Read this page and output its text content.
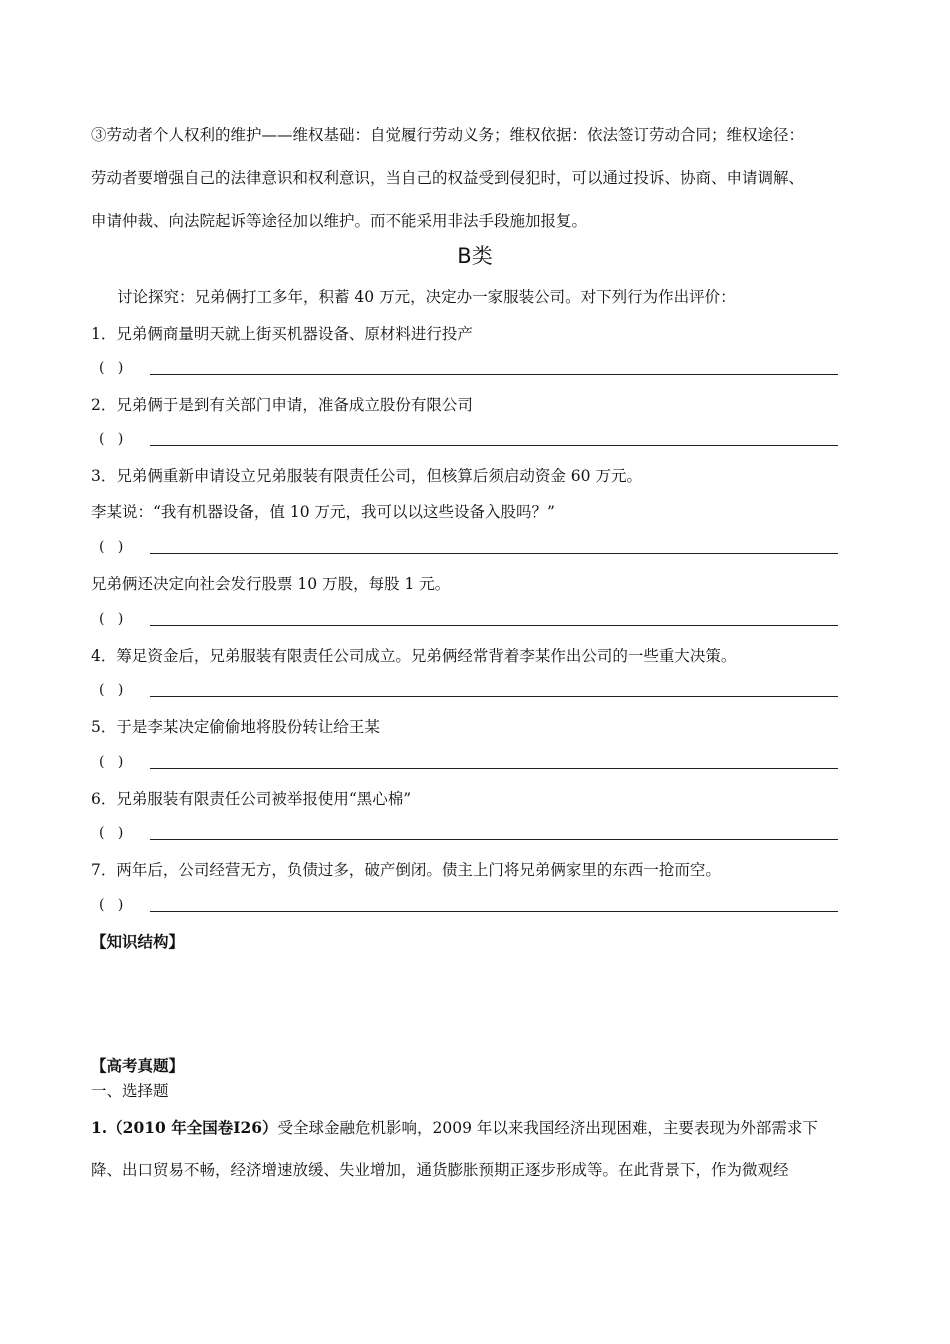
③劳动者个人权利的维护——维权基础：自觉履行劳动义务；维权依据：依法签订劳动合同；维权途径：
劳动者要增强自己的法律意识和权利意识，当自己的权益受到侵犯时，可以通过投诉、协商、申请调解、
申请仲裁、向法院起诉等途径加以维护。而不能采用非法手段施加报复。
B类
讨论探究：兄弟俩打工多年，积蓄 40 万元，决定办一家服装公司。对下列行为作出评价：
1．兄弟俩商量明天就上街买机器设备、原材料进行投产
(   )
2．兄弟俩于是到有关部门申请，准备成立股份有限公司
(   )
3．兄弟俩重新申请设立兄弟服装有限责任公司，但核算后须启动资金 60 万元。
李某说：“我有机器设备，值 10 万元，我可以以这些设备入股吗？”
(   )
兄弟俩还决定向社会发行股票 10 万股，每股 1 元。
(   )
4．筹足资金后，兄弟服装有限责任公司成立。兄弟俩经常背着李某作出公司的一些重大决策。
(   )
5．于是李某决定偷偷地将股份转让给王某
(   )
6．兄弟服装有限责任公司被举报使用“黑心棉”
(   )
7．两年后，公司经营无方，负债过多，破产倒闭。债主上门将兄弟俩家里的东西一抢而空。
(   )
【知识结构】
【高考真题】
一、选择题
1.（2010 年全国卷Ⅰ26）受全球金融危机影响，2009 年以来我国经济出现困难，主要表现为外部需求下
降、出口贸易不畅，经济增速放缓、失业增加，通货膨胀预期正逐步形成等。在此背景下，作为微观经
